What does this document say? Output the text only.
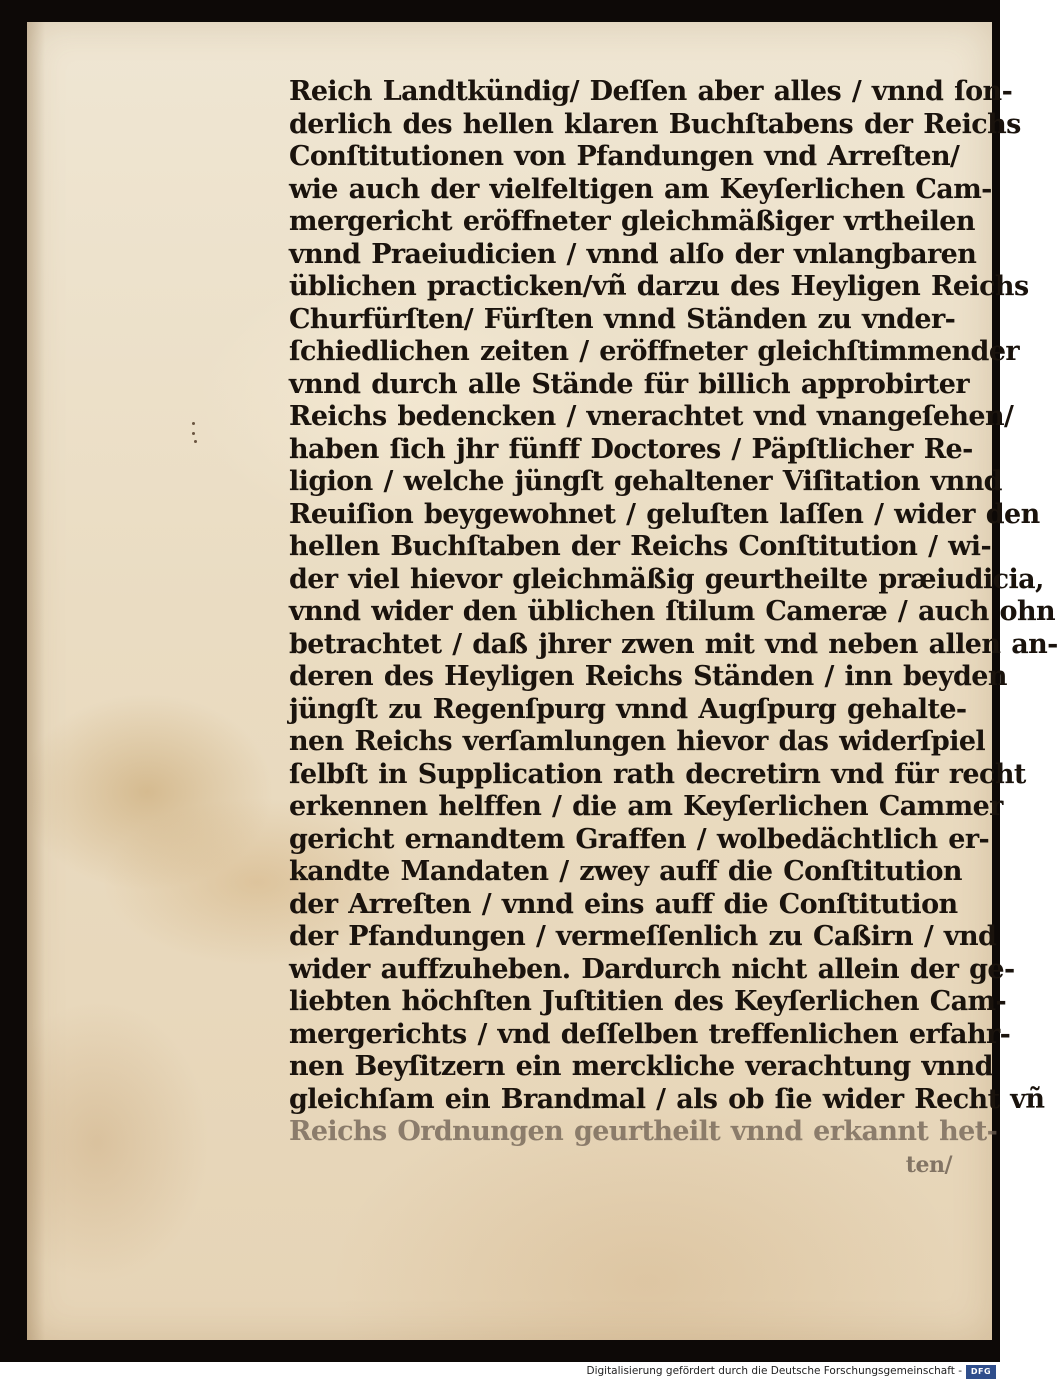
Reich Landtkündig/ Deſſen aber alles / vnnd ſon-
derlich des hellen klaren Buchſtabens der Reichs
Conſtitutionen von Pfandungen vnd Arreſten/
wie auch der vielfeltigen am Keyſerlichen Cam-
mergericht eröffneter gleichmäßiger vrtheilen
vnnd Praeiudicien / vnnd alſo der vnlangbaren
üblichen practicken/vñ darzu des Heyligen Reichs
Churfürſten/ Fürſten vnnd Ständen zu vnder-
ſchiedlichen zeiten / eröffneter gleichſtimmender
vnnd durch alle Stände für billich approbirter
Reichs bedencken / vnerachtet vnd vnangeſehen/
haben ſich jhr fünff Doctores / Päpſtlicher Re-
ligion / welche jüngſt gehaltener Viſitation vnnd
Reuiſion beygewohnet / geluſten laſſen / wider den
hellen Buchſtaben der Reichs Conſtitution / wi-
der viel hievor gleichmäßig geurtheilte præiudicia,
vnnd wider den üblichen ſtilum Cameræ / auch ohn
betrachtet / daß jhrer zwen mit vnd neben allen an-
deren des Heyligen Reichs Ständen / inn beyden
jüngſt zu Regenſpurg vnnd Augſpurg gehalte-
nen Reichs verſamlungen hievor das widerſpiel
ſelbſt in Supplication rath decretirn vnd für recht
erkennen helffen / die am Keyſerlichen Cammer
gericht ernandtem Graffen / wolbedächtlich er-
kandte Mandaten / zwey auff die Conſtitution
der Arreſten / vnnd eins auff die Conſtitution
der Pfandungen / vermeſſenlich zu Caßirn / vnd
wider auffzuheben. Dardurch nicht allein der ge-
liebten höchſten Juſtitien des Keyſerlichen Cam-
mergerichts / vnd deſſelben treffenlichen erfahr-
nen Beyſitzern ein merckliche verachtung vnnd
gleichſam ein Brandmal / als ob ſie wider Recht vñ
Reichs Ordnungen geurtheilt vnnd erkannt het-
ten/
Digitalisierung gefördert durch die Deutsche Forschungsgemeinschaft -	DFG
